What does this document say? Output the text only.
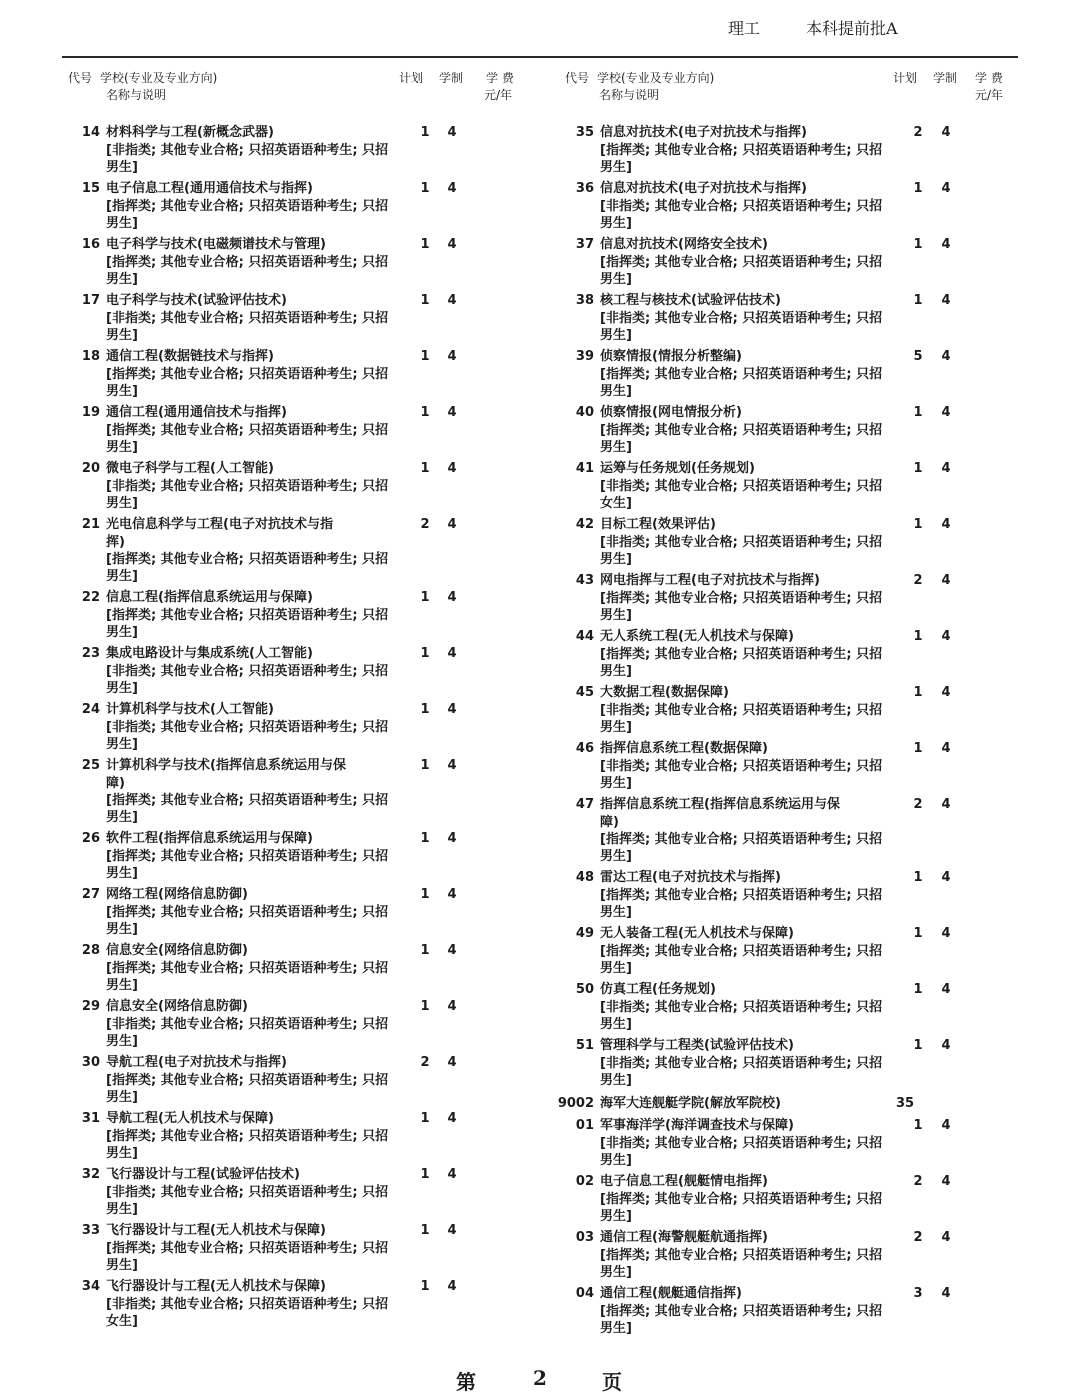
理工	本科提前批A
代号 学校(专业及专业方向)
名称与说明
计划 学制 学 费
元/年
代号 学校(专业及专业方向)
名称与说明
计划 学制 学 费
元/年
14 材料科学与工程(新概念武器)	1	4
[非指类; 其他专业合格; 只招英语语种考生; 只招男生]
15 电子信息工程(通用通信技术与指挥)	1	4
[指挥类; 其他专业合格; 只招英语语种考生; 只招男生]
16 电子科学与技术(电磁频谱技术与管理)	1	4
[指挥类; 其他专业合格; 只招英语语种考生; 只招男生]
17 电子科学与技术(试验评估技术)	1	4
[非指类; 其他专业合格; 只招英语语种考生; 只招男生]
18 通信工程(数据链技术与指挥)	1	4
[指挥类; 其他专业合格; 只招英语语种考生; 只招男生]
19 通信工程(通用通信技术与指挥)	1	4
[指挥类; 其他专业合格; 只招英语语种考生; 只招男生]
20 微电子科学与工程(人工智能)	1	4
[非指类; 其他专业合格; 只招英语语种考生; 只招男生]
21 光电信息科学与工程(电子对抗技术与指	2	4
挥)
[指挥类; 其他专业合格; 只招英语语种考生; 只招男生]
22 信息工程(指挥信息系统运用与保障)	1	4
[指挥类; 其他专业合格; 只招英语语种考生; 只招男生]
23 集成电路设计与集成系统(人工智能)	1	4
[非指类; 其他专业合格; 只招英语语种考生; 只招男生]
24 计算机科学与技术(人工智能)	1	4
[非指类; 其他专业合格; 只招英语语种考生; 只招男生]
25 计算机科学与技术(指挥信息系统运用与保	1	4
障)
[指挥类; 其他专业合格; 只招英语语种考生; 只招男生]
26 软件工程(指挥信息系统运用与保障)	1	4
[指挥类; 其他专业合格; 只招英语语种考生; 只招男生]
27 网络工程(网络信息防御)	1	4
[指挥类; 其他专业合格; 只招英语语种考生; 只招男生]
28 信息安全(网络信息防御)	1	4
[指挥类; 其他专业合格; 只招英语语种考生; 只招男生]
29 信息安全(网络信息防御)	1	4
[非指类; 其他专业合格; 只招英语语种考生; 只招男生]
30 导航工程(电子对抗技术与指挥)	2	4
[指挥类; 其他专业合格; 只招英语语种考生; 只招男生]
31 导航工程(无人机技术与保障)	1	4
[指挥类; 其他专业合格; 只招英语语种考生; 只招男生]
32 飞行器设计与工程(试验评估技术)	1	4
[非指类; 其他专业合格; 只招英语语种考生; 只招男生]
33 飞行器设计与工程(无人机技术与保障)	1	4
[指挥类; 其他专业合格; 只招英语语种考生; 只招男生]
34 飞行器设计与工程(无人机技术与保障)	1	4
[非指类; 其他专业合格; 只招英语语种考生; 只招女生]
35 信息对抗技术(电子对抗技术与指挥)	2	4
[指挥类; 其他专业合格; 只招英语语种考生; 只招男生]
36 信息对抗技术(电子对抗技术与指挥)	1	4
[非指类; 其他专业合格; 只招英语语种考生; 只招男生]
37 信息对抗技术(网络安全技术)	1	4
[指挥类; 其他专业合格; 只招英语语种考生; 只招男生]
38 核工程与核技术(试验评估技术)	1	4
[非指类; 其他专业合格; 只招英语语种考生; 只招男生]
39 侦察情报(情报分析整编)	5	4
[指挥类; 其他专业合格; 只招英语语种考生; 只招男生]
40 侦察情报(网电情报分析)	1	4
[指挥类; 其他专业合格; 只招英语语种考生; 只招男生]
41 运筹与任务规划(任务规划)	1	4
[非指类; 其他专业合格; 只招英语语种考生; 只招女生]
42 目标工程(效果评估)	1	4
[非指类; 其他专业合格; 只招英语语种考生; 只招男生]
43 网电指挥与工程(电子对抗技术与指挥)	2	4
[指挥类; 其他专业合格; 只招英语语种考生; 只招男生]
44 无人系统工程(无人机技术与保障)	1	4
[指挥类; 其他专业合格; 只招英语语种考生; 只招男生]
45 大数据工程(数据保障)	1	4
[非指类; 其他专业合格; 只招英语语种考生; 只招男生]
46 指挥信息系统工程(数据保障)	1	4
[非指类; 其他专业合格; 只招英语语种考生; 只招男生]
47 指挥信息系统工程(指挥信息系统运用与保	2	4
障)
[指挥类; 其他专业合格; 只招英语语种考生; 只招男生]
48 雷达工程(电子对抗技术与指挥)	1	4
[指挥类; 其他专业合格; 只招英语语种考生; 只招男生]
49 无人装备工程(无人机技术与保障)	1	4
[指挥类; 其他专业合格; 只招英语语种考生; 只招男生]
50 仿真工程(任务规划)	1	4
[非指类; 其他专业合格; 只招英语语种考生; 只招男生]
51 管理科学与工程类(试验评估技术)	1	4
[非指类; 其他专业合格; 只招英语语种考生; 只招男生]
9002 海军大连舰艇学院(解放军院校)	35
01 军事海洋学(海洋调查技术与保障)	1	4
[非指类; 其他专业合格; 只招英语语种考生; 只招男生]
02 电子信息工程(舰艇情电指挥)	2	4
[指挥类; 其他专业合格; 只招英语语种考生; 只招男生]
03 通信工程(海警舰艇航通指挥)	2	4
[指挥类; 其他专业合格; 只招英语语种考生; 只招男生]
04 通信工程(舰艇通信指挥)	3	4
[指挥类; 其他专业合格; 只招英语语种考生; 只招男生]
第	2	页
